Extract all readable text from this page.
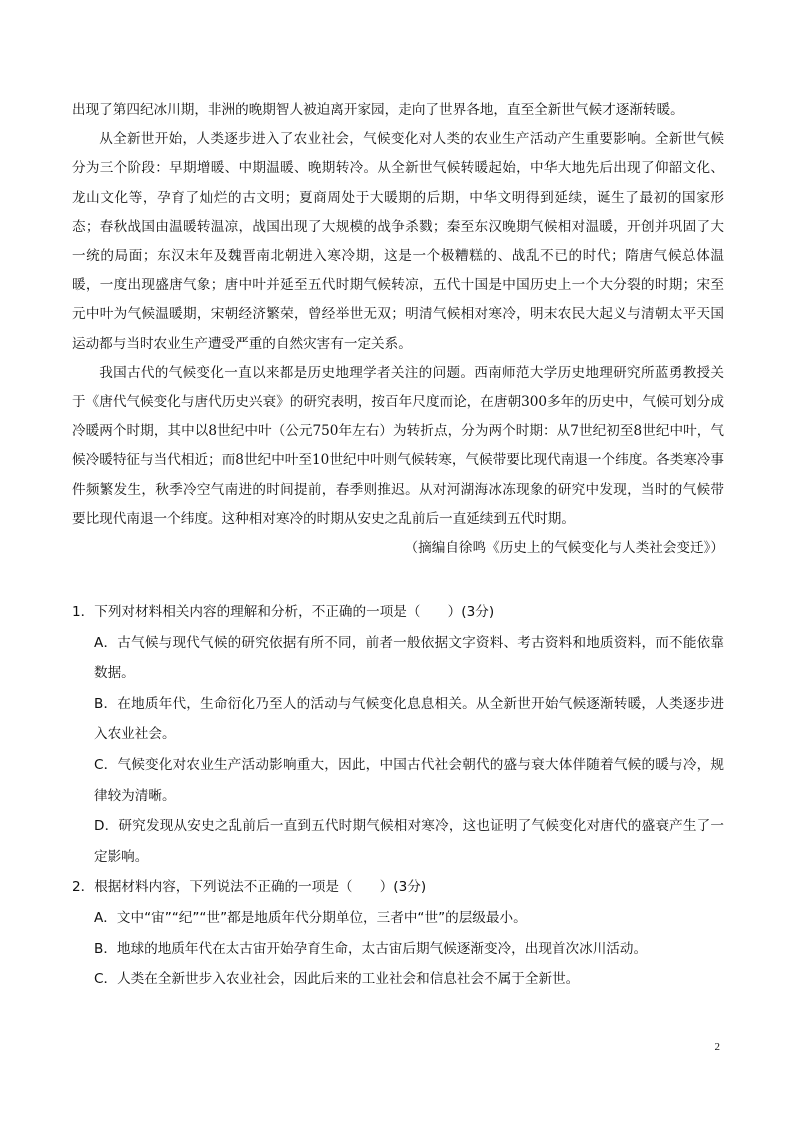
出现了第四纪冰川期，非洲的晚期智人被迫离开家园，走向了世界各地，直至全新世气候才逐渐转暖。

从全新世开始，人类逐步进入了农业社会，气候变化对人类的农业生产活动产生重要影响。全新世气候分为三个阶段：早期增暖、中期温暖、晚期转冷。从全新世气候转暖起始，中华大地先后出现了仰韶文化、龙山文化等，孕育了灿烂的古文明；夏商周处于大暖期的后期，中华文明得到延续，诞生了最初的国家形态；春秋战国由温暖转温凉，战国出现了大规模的战争杀戮；秦至东汉晚期气候相对温暖，开创并巩固了大一统的局面；东汉末年及魏晋南北朝进入寒冷期，这是一个极糟糕的、战乱不已的时代；隋唐气候总体温暖，一度出现盛唐气象；唐中叶并延至五代时期气候转凉，五代十国是中国历史上一个大分裂的时期；宋至元中叶为气候温暖期，宋朝经济繁荣，曾经举世无双；明清气候相对寒冷，明末农民大起义与清朝太平天国运动都与当时农业生产遭受严重的自然灾害有一定关系。

我国古代的气候变化一直以来都是历史地理学者关注的问题。西南师范大学历史地理研究所蓝勇教授关于《唐代气候变化与唐代历史兴衰》的研究表明，按百年尺度而论，在唐朝300多年的历史中，气候可划分成冷暖两个时期，其中以8世纪中叶（公元750年左右）为转折点，分为两个时期：从7世纪初至8世纪中叶，气候冷暖特征与当代相近；而8世纪中叶至10世纪中叶则气候转寒，气候带要比现代南退一个纬度。各类寒冷事件频繁发生，秋季冷空气南进的时间提前，春季则推迟。从对河湖海冰冻现象的研究中发现，当时的气候带要比现代南退一个纬度。这种相对寒冷的时期从安史之乱前后一直延续到五代时期。

（摘编自徐鸣《历史上的气候变化与人类社会变迁》）

1．下列对材料相关内容的理解和分析，不正确的一项是（　　）(3分)

A．古气候与现代气候的研究依据有所不同，前者一般依据文字资料、考古资料和地质资料，而不能依靠数据。

B．在地质年代，生命衍化乃至人的活动与气候变化息息相关。从全新世开始气候逐渐转暖，人类逐步进入农业社会。

C．气候变化对农业生产活动影响重大，因此，中国古代社会朝代的盛与衰大体伴随着气候的暖与冷，规律较为清晰。

D．研究发现从安史之乱前后一直到五代时期气候相对寒冷，这也证明了气候变化对唐代的盛衰产生了一定影响。

2．根据材料内容，下列说法不正确的一项是（　　）(3分)

A．文中“宙”“纪”“世”都是地质年代分期单位，三者中“世”的层级最小。

B．地球的地质年代在太古宙开始孕育生命，太古宙后期气候逐渐变冷，出现首次冰川活动。

C．人类在全新世步入农业社会，因此后来的工业社会和信息社会不属于全新世。

2
